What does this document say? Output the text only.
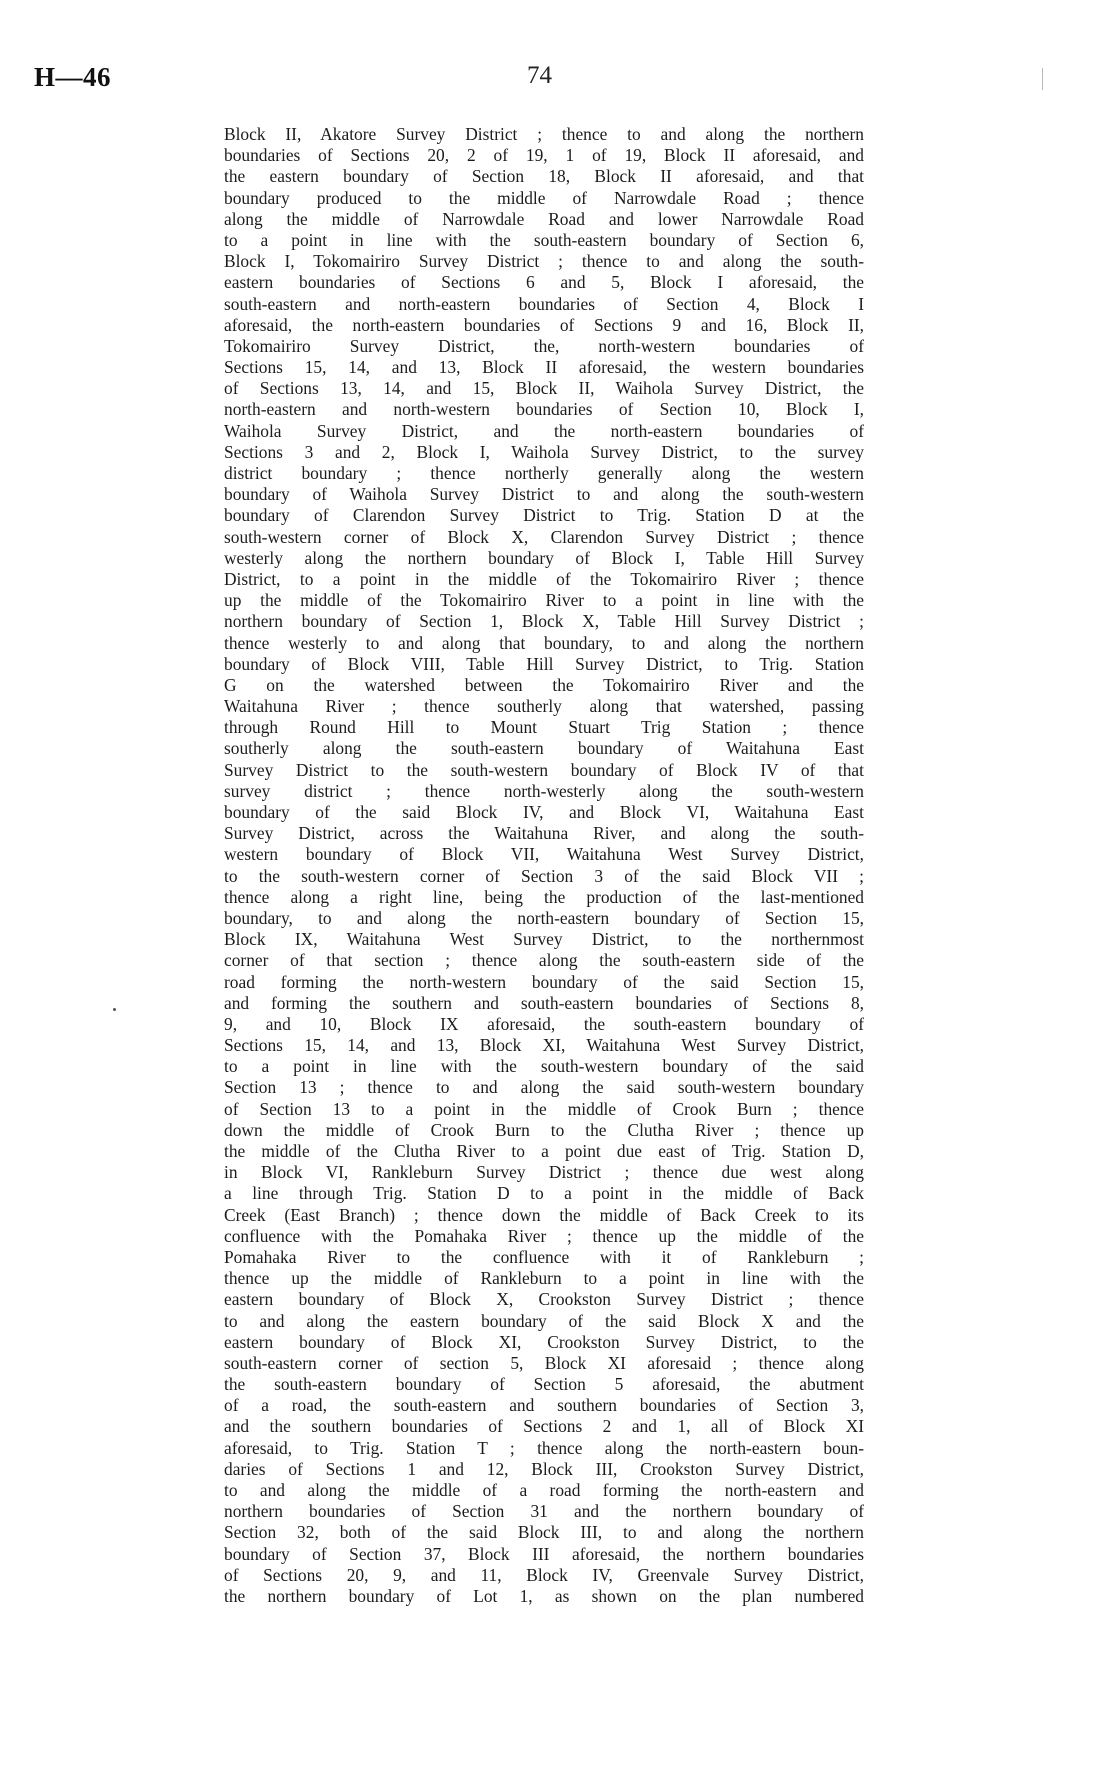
H—46	74
Block II, Akatore Survey District ; thence to and along the northern
boundaries of Sections 20, 2 of 19, 1 of 19, Block II aforesaid, and
the eastern boundary of Section 18, Block II aforesaid, and that
boundary produced to the middle of Narrowdale Road ; thence
along the middle of Narrowdale Road and lower Narrowdale Road
to a point in line with the south-eastern boundary of Section 6,
Block I, Tokomairiro Survey District ; thence to and along the south-
eastern boundaries of Sections 6 and 5, Block I aforesaid, the
south-eastern and north-eastern boundaries of Section 4, Block I
aforesaid, the north-eastern boundaries of Sections 9 and 16, Block II,
Tokomairiro Survey District, the, north-western boundaries of
Sections 15, 14, and 13, Block II aforesaid, the western boundaries
of Sections 13, 14, and 15, Block II, Waihola Survey District, the
north-eastern and north-western boundaries of Section 10, Block I,
Waihola Survey District, and the north-eastern boundaries of
Sections 3 and 2, Block I, Waihola Survey District, to the survey
district boundary ; thence northerly generally along the western
boundary of Waihola Survey District to and along the south-western
boundary of Clarendon Survey District to Trig. Station D at the
south-western corner of Block X, Clarendon Survey District ; thence
westerly along the northern boundary of Block I, Table Hill Survey
District, to a point in the middle of the Tokomairiro River ; thence
up the middle of the Tokomairiro River to a point in line with the
northern boundary of Section 1, Block X, Table Hill Survey District ;
thence westerly to and along that boundary, to and along the northern
boundary of Block VIII, Table Hill Survey District, to Trig. Station
G on the watershed between the Tokomairiro River and the
Waitahuna River ; thence southerly along that watershed, passing
through Round Hill to Mount Stuart Trig Station ; thence
southerly along the south-eastern boundary of Waitahuna East
Survey District to the south-western boundary of Block IV of that
survey district ; thence north-westerly along the south-western
boundary of the said Block IV, and Block VI, Waitahuna East
Survey District, across the Waitahuna River, and along the south-
western boundary of Block VII, Waitahuna West Survey District,
to the south-western corner of Section 3 of the said Block VII ;
thence along a right line, being the production of the last-mentioned
boundary, to and along the north-eastern boundary of Section 15,
Block IX, Waitahuna West Survey District, to the northernmost
corner of that section ; thence along the south-eastern side of the
road forming the north-western boundary of the said Section 15,
and forming the southern and south-eastern boundaries of Sections 8,
9, and 10, Block IX aforesaid, the south-eastern boundary of
Sections 15, 14, and 13, Block XI, Waitahuna West Survey District,
to a point in line with the south-western boundary of the said
Section 13 ; thence to and along the said south-western boundary
of Section 13 to a point in the middle of Crook Burn ; thence
down the middle of Crook Burn to the Clutha River ; thence up
the middle of the Clutha River to a point due east of Trig. Station D,
in Block VI, Rankleburn Survey District ; thence due west along
a line through Trig. Station D to a point in the middle of Back
Creek (East Branch) ; thence down the middle of Back Creek to its
confluence with the Pomahaka River ; thence up the middle of the
Pomahaka River to the confluence with it of Rankleburn ;
thence up the middle of Rankleburn to a point in line with the
eastern boundary of Block X, Crookston Survey District ; thence
to and along the eastern boundary of the said Block X and the
eastern boundary of Block XI, Crookston Survey District, to the
south-eastern corner of section 5, Block XI aforesaid ; thence along
the south-eastern boundary of Section 5 aforesaid, the abutment
of a road, the south-eastern and southern boundaries of Section 3,
and the southern boundaries of Sections 2 and 1, all of Block XI
aforesaid, to Trig. Station T ; thence along the north-eastern boun-
daries of Sections 1 and 12, Block III, Crookston Survey District,
to and along the middle of a road forming the north-eastern and
northern boundaries of Section 31 and the northern boundary of
Section 32, both of the said Block III, to and along the northern
boundary of Section 37, Block III aforesaid, the northern boundaries
of Sections 20, 9, and 11, Block IV, Greenvale Survey District,
the northern boundary of Lot 1, as shown on the plan numbered
